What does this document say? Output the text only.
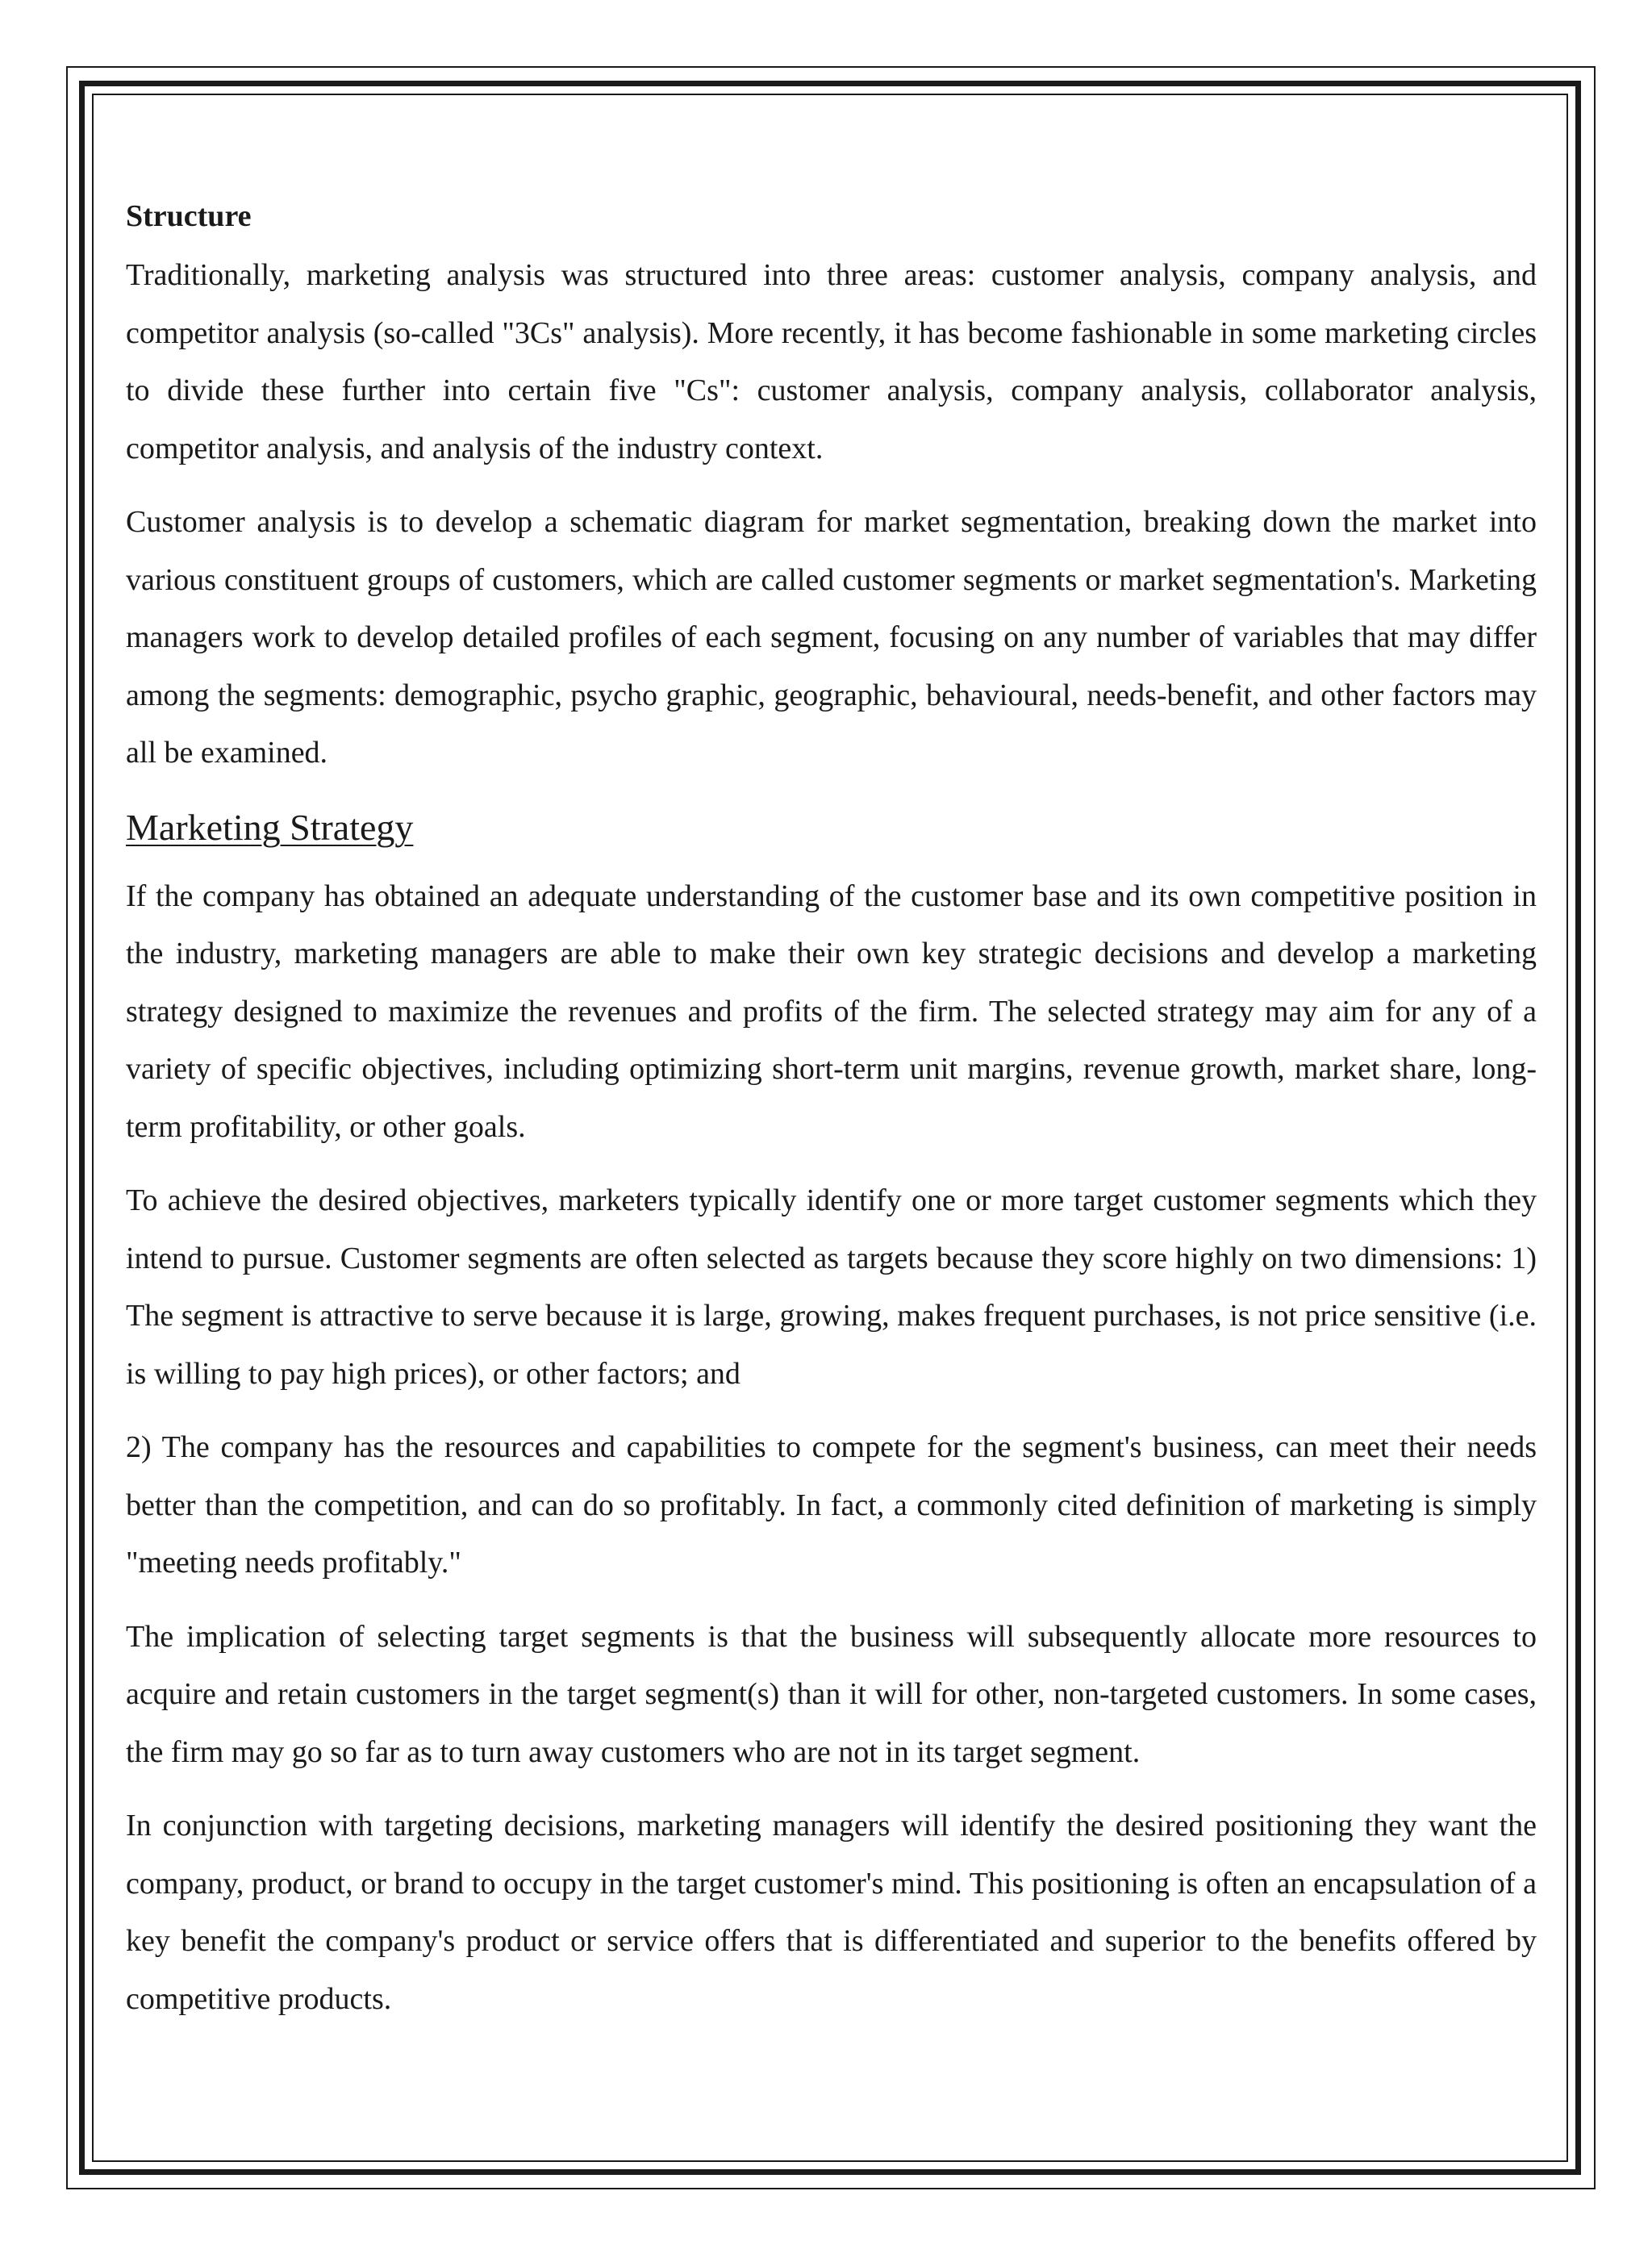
Structure

Traditionally, marketing analysis was structured into three areas: customer analysis, company analysis, and competitor analysis (so-called "3Cs" analysis). More recently, it has become fashionable in some marketing circles to divide these further into certain five "Cs": customer analysis, company analysis, collaborator analysis, competitor analysis, and analysis of the industry context.

Customer analysis is to develop a schematic diagram for market segmentation, breaking down the market into various constituent groups of customers, which are called customer segments or market segmentation's. Marketing managers work to develop detailed profiles of each segment, focusing on any number of variables that may differ among the segments: demographic, psycho graphic, geographic, behavioural, needs-benefit, and other factors may all be examined.

Marketing Strategy

If the company has obtained an adequate understanding of the customer base and its own competitive position in the industry, marketing managers are able to make their own key strategic decisions and develop a marketing strategy designed to maximize the revenues and profits of the firm. The selected strategy may aim for any of a variety of specific objectives, including optimizing short-term unit margins, revenue growth, market share, long-term profitability, or other goals.

To achieve the desired objectives, marketers typically identify one or more target customer segments which they intend to pursue. Customer segments are often selected as targets because they score highly on two dimensions: 1) The segment is attractive to serve because it is large, growing, makes frequent purchases, is not price sensitive (i.e. is willing to pay high prices), or other factors; and

2) The company has the resources and capabilities to compete for the segment's business, can meet their needs better than the competition, and can do so profitably. In fact, a commonly cited definition of marketing is simply "meeting needs profitably."

The implication of selecting target segments is that the business will subsequently allocate more resources to acquire and retain customers in the target segment(s) than it will for other, non-targeted customers. In some cases, the firm may go so far as to turn away customers who are not in its target segment.

In conjunction with targeting decisions, marketing managers will identify the desired positioning they want the company, product, or brand to occupy in the target customer's mind. This positioning is often an encapsulation of a key benefit the company's product or service offers that is differentiated and superior to the benefits offered by competitive products.
